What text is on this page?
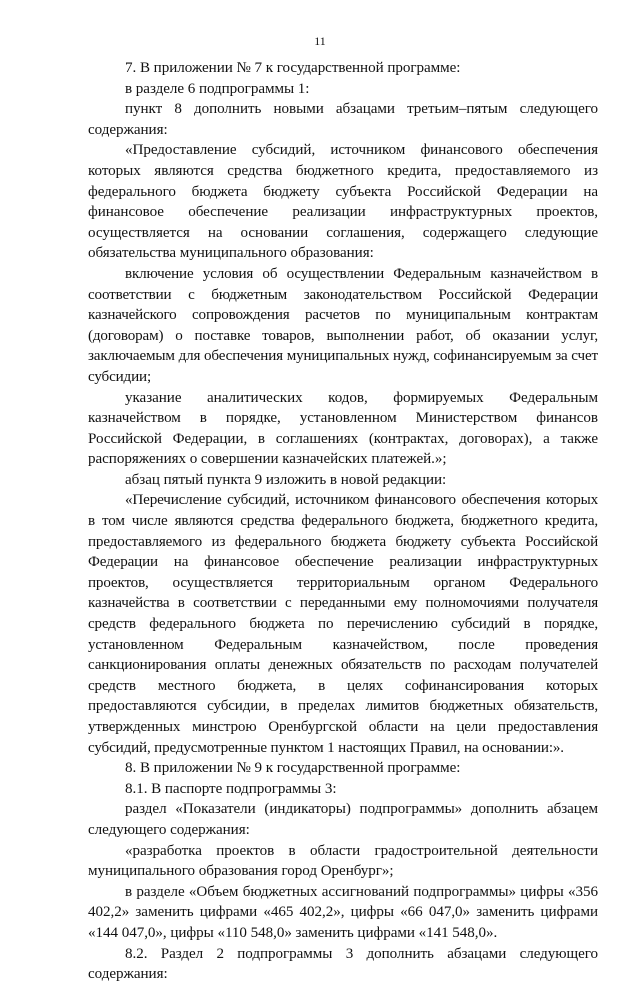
11

7. В приложении № 7 к государственной программе:

в разделе 6 подпрограммы 1:

пункт 8 дополнить новыми абзацами третьим–пятым следующего содержания:

«Предоставление субсидий, источником финансового обеспечения которых являются средства бюджетного кредита, предоставляемого из федерального бюджета бюджету субъекта Российской Федерации на финансовое обеспечение реализации инфраструктурных проектов, осуществляется на основании соглашения, содержащего следующие обязательства муниципального образования:

включение условия об осуществлении Федеральным казначейством в соответствии с бюджетным законодательством Российской Федерации казначейского сопровождения расчетов по муниципальным контрактам (договорам) о поставке товаров, выполнении работ, об оказании услуг, заключаемым для обеспечения муниципальных нужд, софинансируемым за счет субсидии;

указание аналитических кодов, формируемых Федеральным казначейством в порядке, установленном Министерством финансов Российской Федерации, в соглашениях (контрактах, договорах), а также распоряжениях о совершении казначейских платежей.»;

абзац пятый пункта 9 изложить в новой редакции:

«Перечисление субсидий, источником финансового обеспечения которых в том числе являются средства федерального бюджета, бюджетного кредита, предоставляемого из федерального бюджета бюджету субъекта Российской Федерации на финансовое обеспечение реализации инфраструктурных проектов, осуществляется территориальным органом Федерального казначейства в соответствии с переданными ему полномочиями получателя средств федерального бюджета по перечислению субсидий в порядке, установленном Федеральным казначейством, после проведения санкционирования оплаты денежных обязательств по расходам получателей средств местного бюджета, в целях софинансирования которых предоставляются субсидии, в пределах лимитов бюджетных обязательств, утвержденных минстрою Оренбургской области на цели предоставления субсидий, предусмотренные пунктом 1 настоящих Правил, на основании:».

8. В приложении № 9 к государственной программе:

8.1. В паспорте подпрограммы 3:

раздел «Показатели (индикаторы) подпрограммы» дополнить абзацем следующего содержания:

«разработка проектов в области градостроительной деятельности муниципального образования город Оренбург»;

в разделе «Объем бюджетных ассигнований подпрограммы» цифры «356 402,2» заменить цифрами «465 402,2», цифры «66 047,0» заменить цифрами «144 047,0», цифры «110 548,0» заменить цифрами «141 548,0».

8.2. Раздел 2 подпрограммы 3 дополнить абзацами следующего содержания:
